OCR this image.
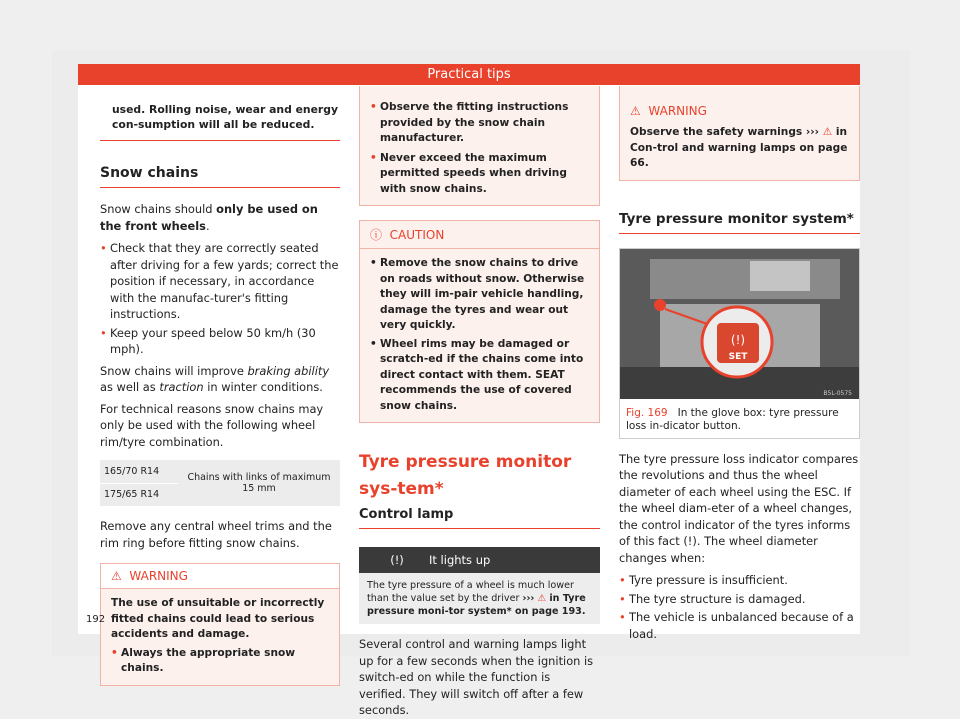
Practical tips

used. Rolling noise, wear and energy con-sumption will all be reduced.

Snow chains

Snow chains should only be used on the front wheels.

• Check that they are correctly seated after driving for a few yards; correct the position if necessary, in accordance with the manufac-turer's fitting instructions.

• Keep your speed below 50 km/h (30 mph).

Snow chains will improve braking ability as well as traction in winter conditions.

For technical reasons snow chains may only be used with the following wheel rim/tyre combination.

165/70 R14	Chains with links of maximum 15 mm
175/65 R14

Remove any central wheel trims and the rim ring before fitting snow chains.

⚠ WARNING

The use of unsuitable or incorrectly fitted chains could lead to serious accidents and damage.

• Always the appropriate snow chains.

192

• Observe the fitting instructions provided by the snow chain manufacturer.

• Never exceed the maximum permitted speeds when driving with snow chains.

ⓘ CAUTION

• Remove the snow chains to drive on roads without snow. Otherwise they will im-pair vehicle handling, damage the tyres and wear out very quickly.

• Wheel rims may be damaged or scratch-ed if the chains come into direct contact with them. SEAT recommends the use of covered snow chains.

Tyre pressure monitor sys-tem*
Control lamp
(!)	It lights up

The tyre pressure of a wheel is much lower than the value set by the driver ››› ⚠ in Tyre pressure moni-tor system* on page 193.

Several control and warning lamps light up for a few seconds when the ignition is switch-ed on while the function is verified. They will switch off after a few seconds.

⚠ WARNING

Observe the safety warnings ››› ⚠ in Con-trol and warning lamps on page 66.

Tyre pressure monitor system*
(!)
SET
B5L-0575
Fig. 169 In the glove box: tyre pressure loss in-dicator button.

The tyre pressure loss indicator compares the revolutions and thus the wheel diameter of each wheel using the ESC. If the wheel diam-eter of a wheel changes, the control indicator of the tyres informs of this fact (!). The wheel diameter changes when:

• Tyre pressure is insufficient.

• The tyre structure is damaged.

• The vehicle is unbalanced because of a load.
